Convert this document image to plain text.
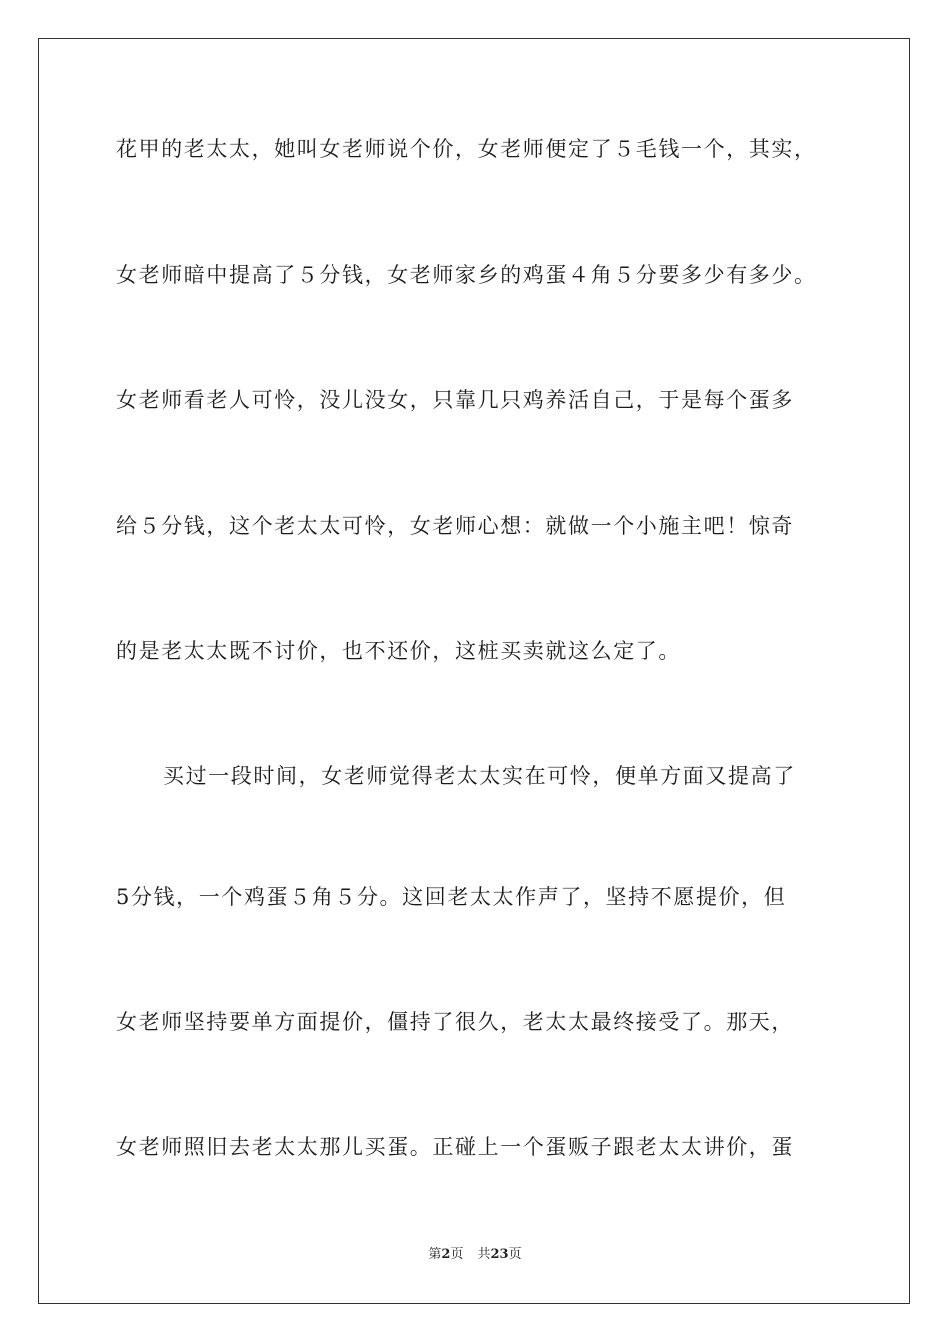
花甲的老太太，她叫女老师说个价，女老师便定了５毛钱一个，其实，
女老师暗中提高了５分钱，女老师家乡的鸡蛋４角５分要多少有多少。
女老师看老人可怜，没儿没女，只靠几只鸡养活自己，于是每个蛋多
给５分钱，这个老太太可怜，女老师心想：就做一个小施主吧！惊奇
的是老太太既不讨价，也不还价，这桩买卖就这么定了。
买过一段时间，女老师觉得老太太实在可怜，便单方面又提高了
5分钱，一个鸡蛋５角５分。这回老太太作声了，坚持不愿提价，但
女老师坚持要单方面提价，僵持了很久，老太太最终接受了。那天，
女老师照旧去老太太那儿买蛋。正碰上一个蛋贩子跟老太太讲价，蛋
第2页 共23页
